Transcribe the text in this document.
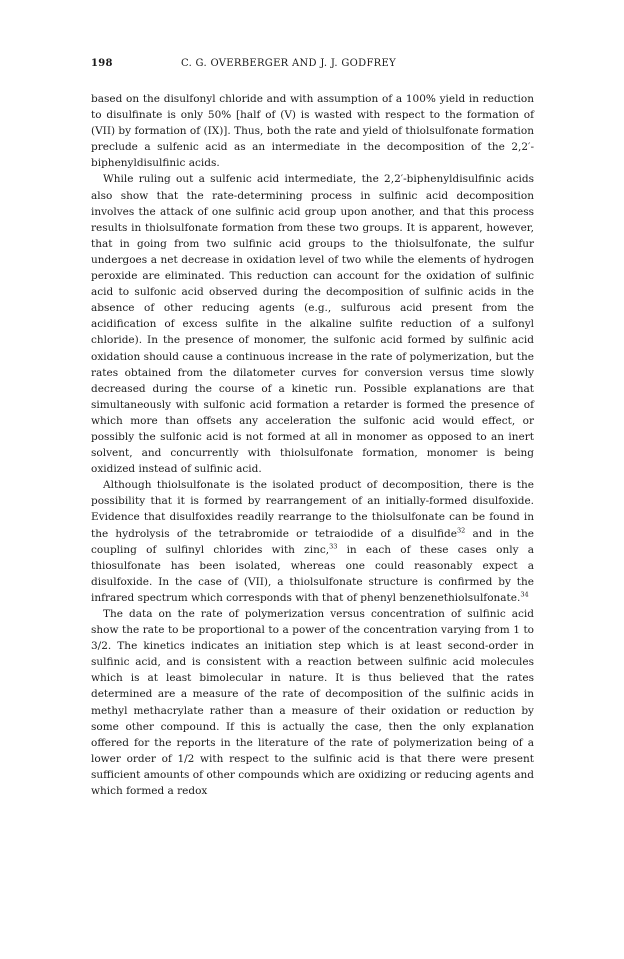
198	C. G. OVERBERGER AND J. J. GODFREY

based on the disulfonyl chloride and with assumption of a 100% yield in reduction to disulfinate is only 50% [half of (V) is wasted with respect to the formation of (VII) by formation of (IX)]. Thus, both the rate and yield of thiolsulfonate formation preclude a sulfenic acid as an intermediate in the decomposition of the 2,2′-biphenyldisulfinic acids.

While ruling out a sulfenic acid intermediate, the 2,2′-biphenyldisulfinic acids also show that the rate-determining process in sulfinic acid decomposition involves the attack of one sulfinic acid group upon another, and that this process results in thiolsulfonate formation from these two groups. It is apparent, however, that in going from two sulfinic acid groups to the thiolsulfonate, the sulfur undergoes a net decrease in oxidation level of two while the elements of hydrogen peroxide are eliminated. This reduction can account for the oxidation of sulfinic acid to sulfonic acid observed during the decomposition of sulfinic acids in the absence of other reducing agents (e.g., sulfurous acid present from the acidification of excess sulfite in the alkaline sulfite reduction of a sulfonyl chloride). In the presence of monomer, the sulfonic acid formed by sulfinic acid oxidation should cause a continuous increase in the rate of polymerization, but the rates obtained from the dilatometer curves for conversion versus time slowly decreased during the course of a kinetic run. Possible explanations are that simultaneously with sulfonic acid formation a retarder is formed the presence of which more than offsets any acceleration the sulfonic acid would effect, or possibly the sulfonic acid is not formed at all in monomer as opposed to an inert solvent, and concurrently with thiolsulfonate formation, monomer is being oxidized instead of sulfinic acid.

Although thiolsulfonate is the isolated product of decomposition, there is the possibility that it is formed by rearrangement of an initially-formed disulfoxide. Evidence that disulfoxides readily rearrange to the thiolsulfonate can be found in the hydrolysis of the tetrabromide or tetraiodide of a disulfide$^{32}$ and in the coupling of sulfinyl chlorides with zinc,$^{33}$ in each of these cases only a thiosulfonate has been isolated, whereas one could reasonably expect a disulfoxide. In the case of (VII), a thiolsulfonate structure is confirmed by the infrared spectrum which corresponds with that of phenyl benzenethiolsulfonate.$^{34}$

The data on the rate of polymerization versus concentration of sulfinic acid show the rate to be proportional to a power of the concentration varying from 1 to 3/2. The kinetics indicates an initiation step which is at least second-order in sulfinic acid, and is consistent with a reaction between sulfinic acid molecules which is at least bimolecular in nature. It is thus believed that the rates determined are a measure of the rate of decomposition of the sulfinic acids in methyl methacrylate rather than a measure of their oxidation or reduction by some other compound. If this is actually the case, then the only explanation offered for the reports in the literature of the rate of polymerization being of a lower order of 1/2 with respect to the sulfinic acid is that there were present sufficient amounts of other compounds which are oxidizing or reducing agents and which formed a redox
